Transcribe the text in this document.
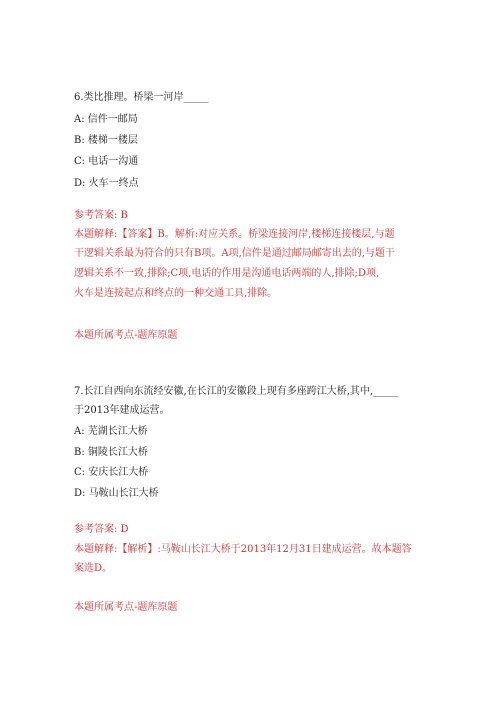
6.类比推理。桥梁一河岸_____
A: 信件一邮局
B: 楼梯一楼层
C: 电话一沟通
D: 火车一终点
参考答案: B
本题解释:【答案】B。解析:对应关系。桥梁连接河岸,楼梯连接楼层,与题
干逻辑关系最为符合的只有B项。A项,信件是通过邮局邮寄出去的,与题干
逻辑关系不一致,排除;C项,电话的作用是沟通电话两端的人,排除;D项,
火车是连接起点和终点的一种交通工具,排除。
本题所属考点-题库原题
7.长江自西向东流经安徽,在长江的安徽段上现有多座跨江大桥,其中,_____
于2013年建成运营。
A: 芜湖长江大桥
B: 铜陵长江大桥
C: 安庆长江大桥
D: 马鞍山长江大桥
参考答案: D
本题解释:【解析】:马鞍山长江大桥于2013年12月31日建成运营。故本题答
案选D。
本题所属考点-题库原题
